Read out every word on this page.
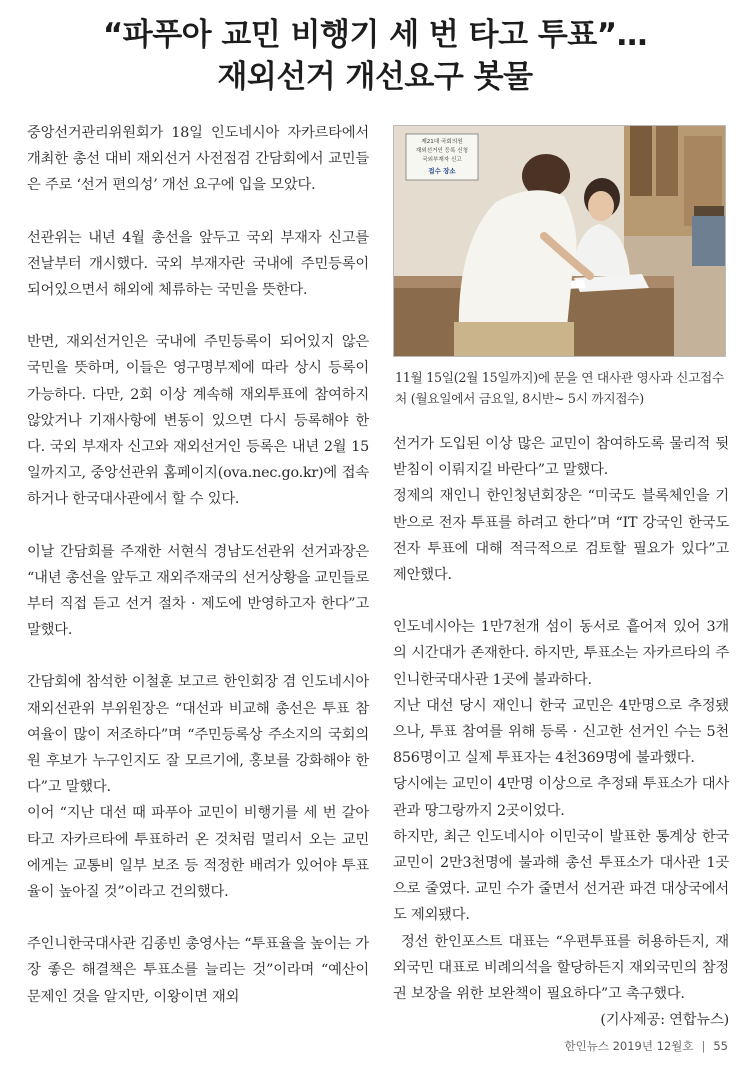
“파푸아 교민 비행기 세 번 타고 투표”…
재외선거 개선요구 봇물

중앙선거관리위원회가 18일 인도네시아 자카르타에서 개최한 총선 대비 재외선거 사전점검 간담회에서 교민들은 주로 ‘선거 편의성’ 개선 요구에 입을 모았다.

선관위는 내년 4월 총선을 앞두고 국외 부재자 신고를 전날부터 개시했다. 국외 부재자란 국내에 주민등록이 되어있으면서 해외에 체류하는 국민을 뜻한다.

반면, 재외선거인은 국내에 주민등록이 되어있지 않은 국민을 뜻하며, 이들은 영구명부제에 따라 상시 등록이 가능하다. 다만, 2회 이상 계속해 재외투표에 참여하지 않았거나 기재사항에 변동이 있으면 다시 등록해야 한다. 국외 부재자 신고와 재외선거인 등록은 내년 2월 15일까지고, 중앙선관위 홈페이지(ova.nec.go.kr)에 접속하거나 한국대사관에서 할 수 있다.

이날 간담회를 주재한 서현식 경남도선관위 선거과장은 “내년 총선을 앞두고 재외주재국의 선거상황을 교민들로부터 직접 듣고 선거 절차 · 제도에 반영하고자 한다”고 말했다.

간담회에 참석한 이철훈 보고르 한인회장 겸 인도네시아 재외선관위 부위원장은 “대선과 비교해 총선은 투표 참여율이 많이 저조하다”며 “주민등록상 주소지의 국회의원 후보가 누구인지도 잘 모르기에, 홍보를 강화해야 한다”고 말했다.

이어 “지난 대선 때 파푸아 교민이 비행기를 세 번 갈아타고 자카르타에 투표하러 온 것처럼 멀리서 오는 교민에게는 교통비 일부 보조 등 적정한 배려가 있어야 투표율이 높아질 것”이라고 건의했다.

주인니한국대사관 김종빈 총영사는 “투표율을 높이는 가장 좋은 해결책은 투표소를 늘리는 것”이라며 “예산이 문제인 것을 알지만, 이왕이면 재외

제21대 국회의원
재외선거인 등록 신청
국외부재자 신고
접수 장소

11월 15일(2월 15일까지)에 문을 연 대사관 영사과 신고접수처 (월요일에서 금요일, 8시반~ 5시 까지접수)

선거가 도입된 이상 많은 교민이 참여하도록 물리적 뒷받침이 이뤄지길 바란다”고 말했다.

정제의 재인니 한인청년회장은 “미국도 블록체인을 기반으로 전자 투표를 하려고 한다”며 “IT 강국인 한국도 전자 투표에 대해 적극적으로 검토할 필요가 있다”고 제안했다.

인도네시아는 1만7천개 섬이 동서로 흩어져 있어 3개의 시간대가 존재한다. 하지만, 투표소는 자카르타의 주인니한국대사관 1곳에 불과하다.

지난 대선 당시 재인니 한국 교민은 4만명으로 추정됐으나, 투표 참여를 위해 등록 · 신고한 선거인 수는 5천856명이고 실제 투표자는 4천369명에 불과했다.

당시에는 교민이 4만명 이상으로 추정돼 투표소가 대사관과 땅그랑까지 2곳이었다.

하지만, 최근 인도네시아 이민국이 발표한 통계상 한국 교민이 2만3천명에 불과해 총선 투표소가 대사관 1곳으로 줄였다. 교민 수가 줄면서 선거관 파견 대상국에서도 제외됐다.

정선 한인포스트 대표는 “우편투표를 허용하든지, 재외국민 대표로 비례의석을 할당하든지 재외국민의 참정권 보장을 위한 보완책이 필요하다”고 촉구했다.
(기사제공: 연합뉴스)

한인뉴스 2019년 12월호 | 55
